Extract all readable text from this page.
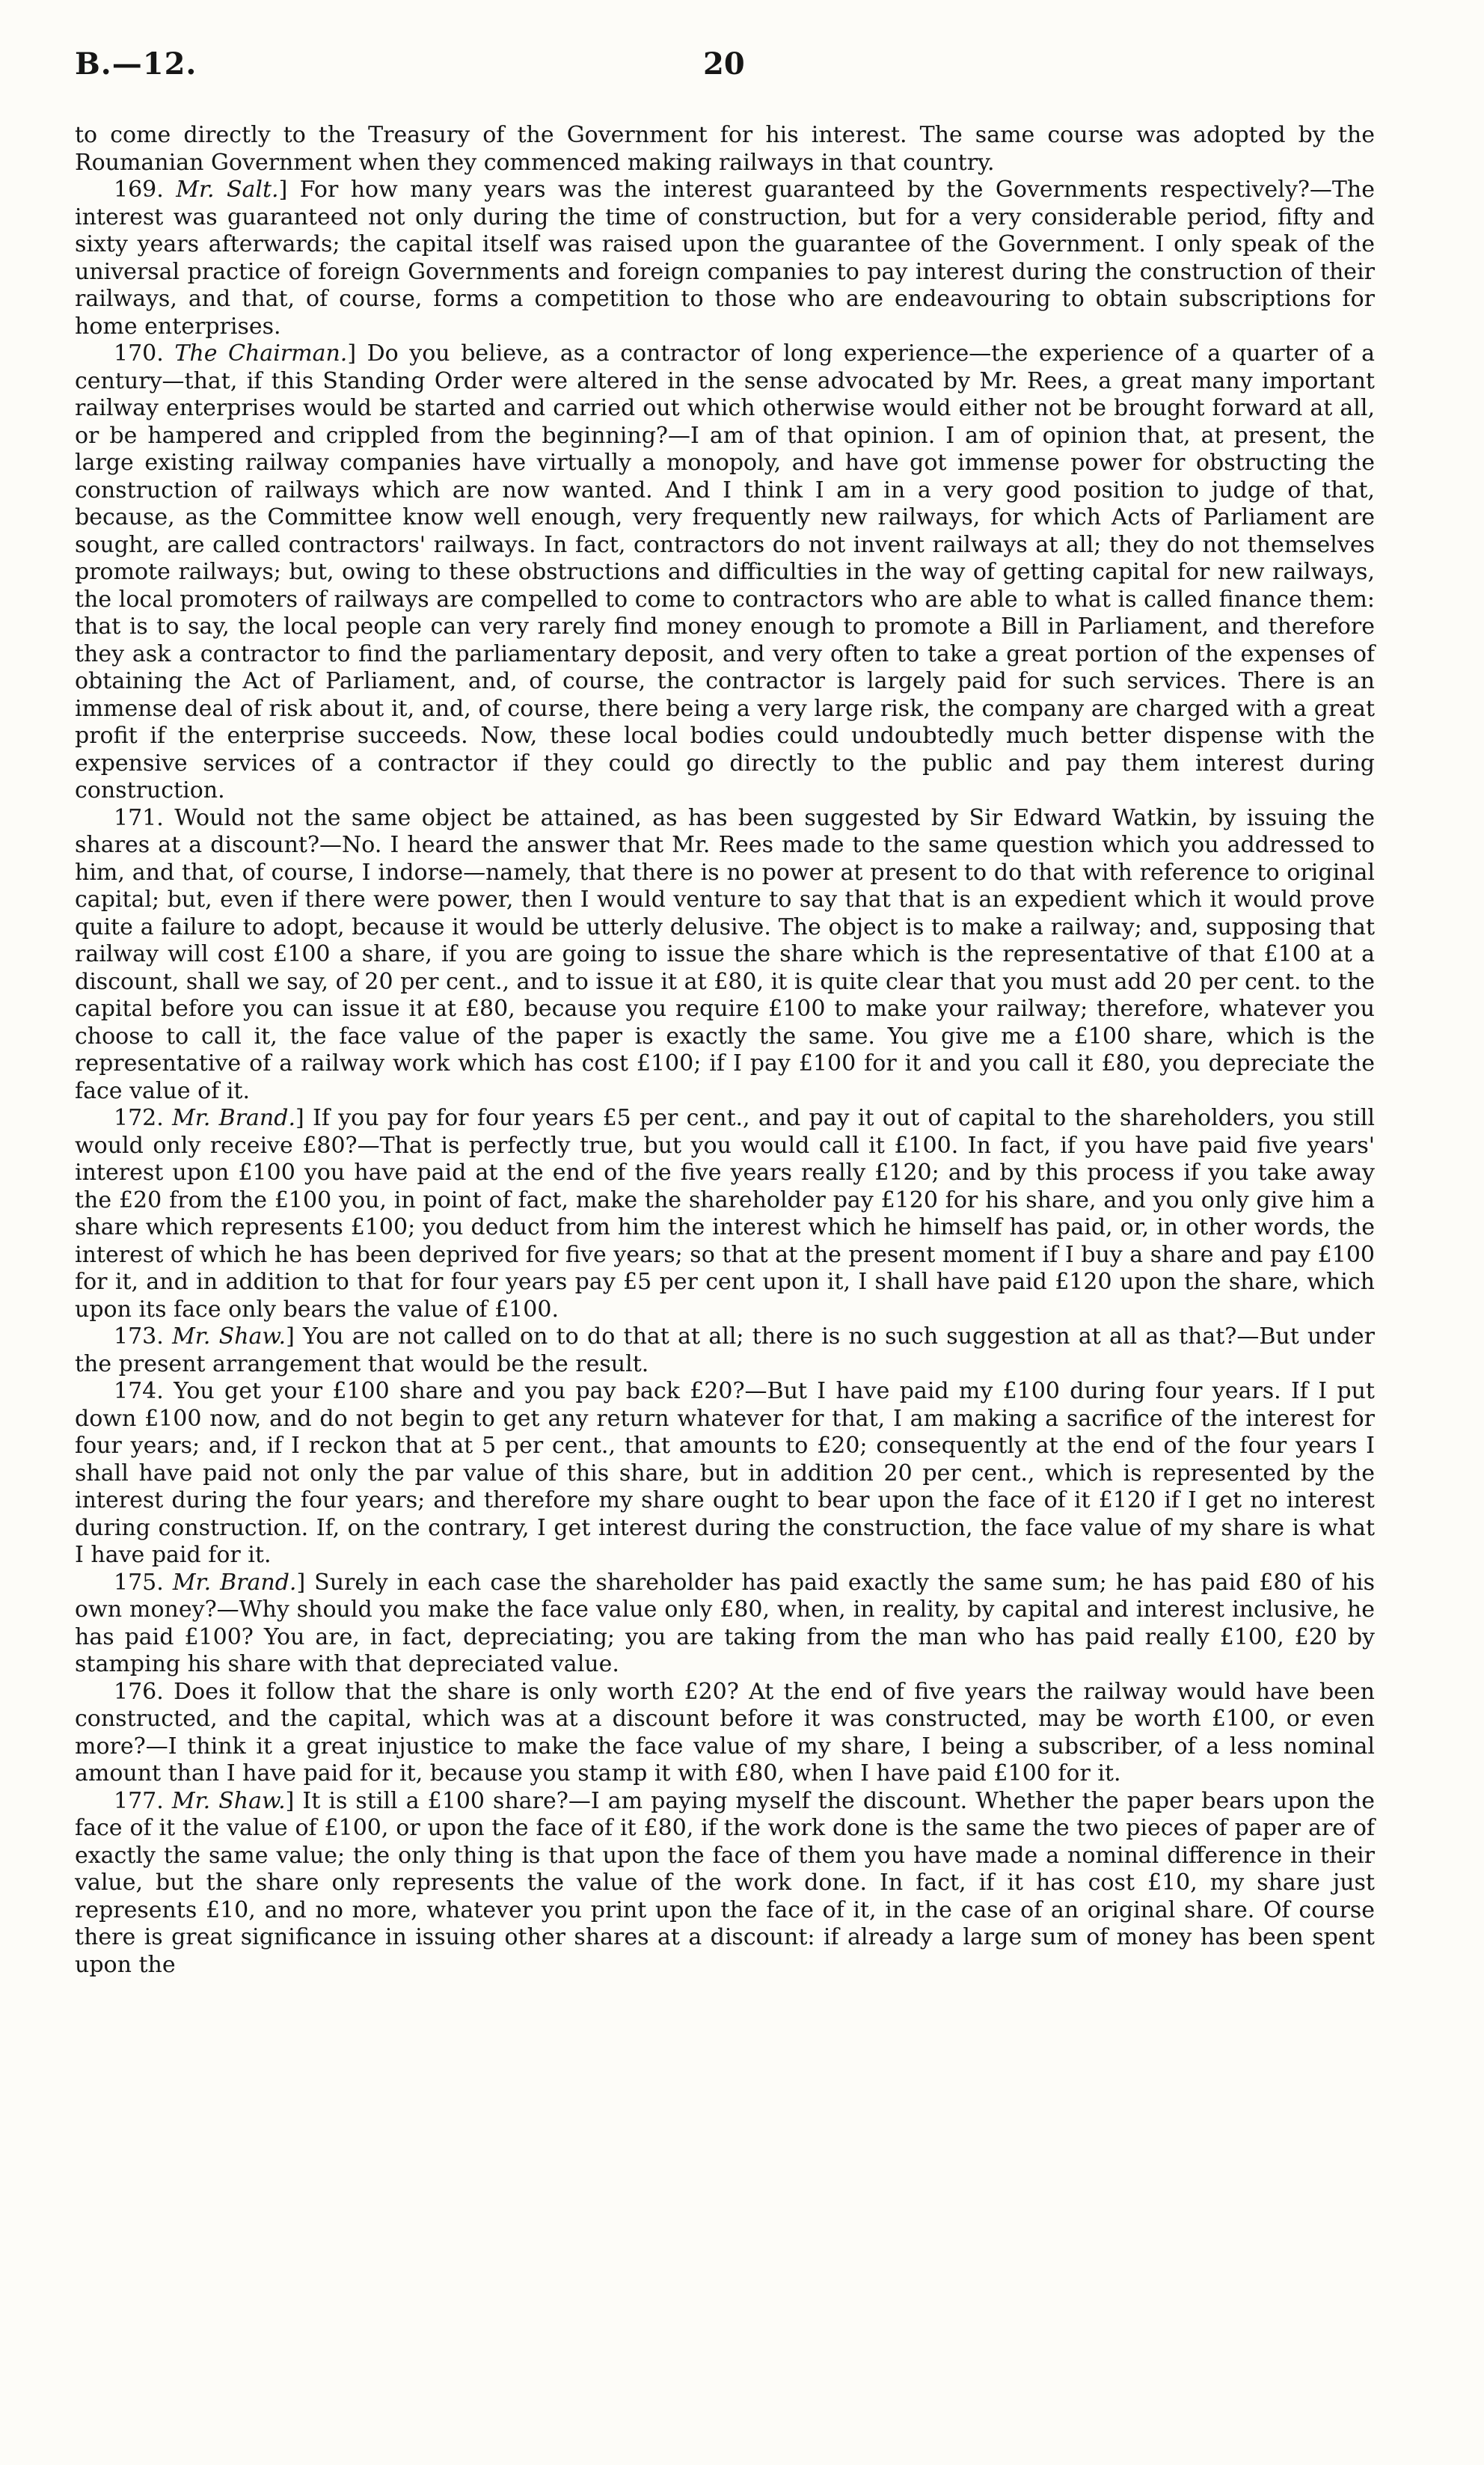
B.—12.	20

to come directly to the Treasury of the Government for his interest. The same course was adopted by the Roumanian Government when they commenced making railways in that country.

169. Mr. Salt.] For how many years was the interest guaranteed by the Governments respectively?—The interest was guaranteed not only during the time of construction, but for a very considerable period, fifty and sixty years afterwards; the capital itself was raised upon the guarantee of the Government. I only speak of the universal practice of foreign Governments and foreign companies to pay interest during the construction of their railways, and that, of course, forms a competition to those who are endeavouring to obtain subscriptions for home enterprises.

170. The Chairman.] Do you believe, as a contractor of long experience—the experience of a quarter of a century—that, if this Standing Order were altered in the sense advocated by Mr. Rees, a great many important railway enterprises would be started and carried out which otherwise would either not be brought forward at all, or be hampered and crippled from the beginning?—I am of that opinion. I am of opinion that, at present, the large existing railway companies have virtually a monopoly, and have got immense power for obstructing the construction of railways which are now wanted. And I think I am in a very good position to judge of that, because, as the Committee know well enough, very frequently new railways, for which Acts of Parliament are sought, are called contractors' railways. In fact, contractors do not invent railways at all; they do not themselves promote railways; but, owing to these obstructions and difficulties in the way of getting capital for new railways, the local promoters of railways are compelled to come to contractors who are able to what is called finance them: that is to say, the local people can very rarely find money enough to promote a Bill in Parliament, and therefore they ask a contractor to find the parliamentary deposit, and very often to take a great portion of the expenses of obtaining the Act of Parliament, and, of course, the contractor is largely paid for such services. There is an immense deal of risk about it, and, of course, there being a very large risk, the company are charged with a great profit if the enterprise succeeds. Now, these local bodies could undoubtedly much better dispense with the expensive services of a contractor if they could go directly to the public and pay them interest during construction.

171. Would not the same object be attained, as has been suggested by Sir Edward Watkin, by issuing the shares at a discount?—No. I heard the answer that Mr. Rees made to the same question which you addressed to him, and that, of course, I indorse—namely, that there is no power at present to do that with reference to original capital; but, even if there were power, then I would venture to say that that is an expedient which it would prove quite a failure to adopt, because it would be utterly delusive. The object is to make a railway; and, supposing that railway will cost £100 a share, if you are going to issue the share which is the representative of that £100 at a discount, shall we say, of 20 per cent., and to issue it at £80, it is quite clear that you must add 20 per cent. to the capital before you can issue it at £80, because you require £100 to make your railway; therefore, whatever you choose to call it, the face value of the paper is exactly the same. You give me a £100 share, which is the representative of a railway work which has cost £100; if I pay £100 for it and you call it £80, you depreciate the face value of it.

172. Mr. Brand.] If you pay for four years £5 per cent., and pay it out of capital to the shareholders, you still would only receive £80?—That is perfectly true, but you would call it £100. In fact, if you have paid five years' interest upon £100 you have paid at the end of the five years really £120; and by this process if you take away the £20 from the £100 you, in point of fact, make the shareholder pay £120 for his share, and you only give him a share which represents £100; you deduct from him the interest which he himself has paid, or, in other words, the interest of which he has been deprived for five years; so that at the present moment if I buy a share and pay £100 for it, and in addition to that for four years pay £5 per cent upon it, I shall have paid £120 upon the share, which upon its face only bears the value of £100.

173. Mr. Shaw.] You are not called on to do that at all; there is no such suggestion at all as that?—But under the present arrangement that would be the result.

174. You get your £100 share and you pay back £20?—But I have paid my £100 during four years. If I put down £100 now, and do not begin to get any return whatever for that, I am making a sacrifice of the interest for four years; and, if I reckon that at 5 per cent., that amounts to £20; consequently at the end of the four years I shall have paid not only the par value of this share, but in addition 20 per cent., which is represented by the interest during the four years; and therefore my share ought to bear upon the face of it £120 if I get no interest during construction. If, on the contrary, I get interest during the construction, the face value of my share is what I have paid for it.

175. Mr. Brand.] Surely in each case the shareholder has paid exactly the same sum; he has paid £80 of his own money?—Why should you make the face value only £80, when, in reality, by capital and interest inclusive, he has paid £100? You are, in fact, depreciating; you are taking from the man who has paid really £100, £20 by stamping his share with that depreciated value.

176. Does it follow that the share is only worth £20? At the end of five years the railway would have been constructed, and the capital, which was at a discount before it was constructed, may be worth £100, or even more?—I think it a great injustice to make the face value of my share, I being a subscriber, of a less nominal amount than I have paid for it, because you stamp it with £80, when I have paid £100 for it.

177. Mr. Shaw.] It is still a £100 share?—I am paying myself the discount. Whether the paper bears upon the face of it the value of £100, or upon the face of it £80, if the work done is the same the two pieces of paper are of exactly the same value; the only thing is that upon the face of them you have made a nominal difference in their value, but the share only represents the value of the work done. In fact, if it has cost £10, my share just represents £10, and no more, whatever you print upon the face of it, in the case of an original share. Of course there is great significance in issuing other shares at a discount: if already a large sum of money has been spent upon the
